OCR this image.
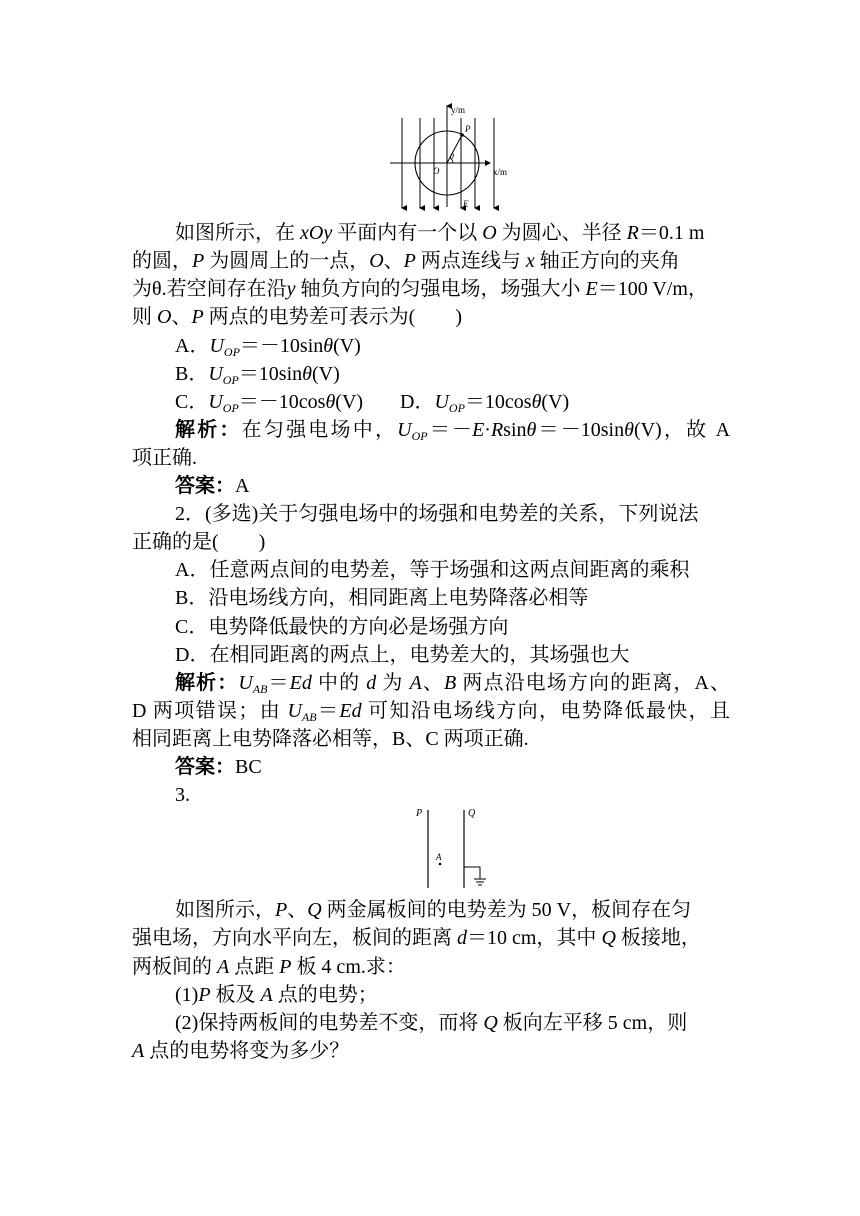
y/m
x/m
O
P
θ
E
如图所示，在 xOy 平面内有一个以 O 为圆心、半径 R＝0.1 m
的圆，P 为圆周上的一点，O、P 两点连线与 x 轴正方向的夹角
为θ.若空间存在沿y 轴负方向的匀强电场，场强大小 E＝100 V/m，
则 O、P 两点的电势差可表示为(　　)
A．$U_{OP}=-10\sin\theta(V)$
B．$U_{OP}=10\sin\theta(V)$
C．$U_{OP}=-10\cos\theta(V)$ D．$U_{OP}=10\cos\theta(V)$
解析：在匀强电场中，$U_{OP}=-E\cdot Rsin\theta=-10\sin\theta(V)$，故 A
项正确.
答案：A
2．(多选)关于匀强电场中的场强和电势差的关系，下列说法
正确的是(　　)
A．任意两点间的电势差，等于场强和这两点间距离的乘积
B．沿电场线方向，相同距离上电势降落必相等
C．电势降低最快的方向必是场强方向
D．在相同距离的两点上，电势差大的，其场强也大
解析：$U_{AB}=Ed$ 中的 d 为 A、B 两点沿电场方向的距离，A、
D 两项错误；由 $U_{AB}=Ed$ 可知沿电场线方向，电势降低最快，且
相同距离上电势降落必相等，B、C 两项正确.
答案：BC
3.
P	Q
A
如图所示，P、Q 两金属板间的电势差为 50 V，板间存在匀
强电场，方向水平向左，板间的距离 d＝10 cm，其中 Q 板接地，
两板间的 A 点距 P 板 4 cm.求：
(1)P 板及 A 点的电势；
(2)保持两板间的电势差不变，而将 Q 板向左平移 5 cm，则
A 点的电势将变为多少？
